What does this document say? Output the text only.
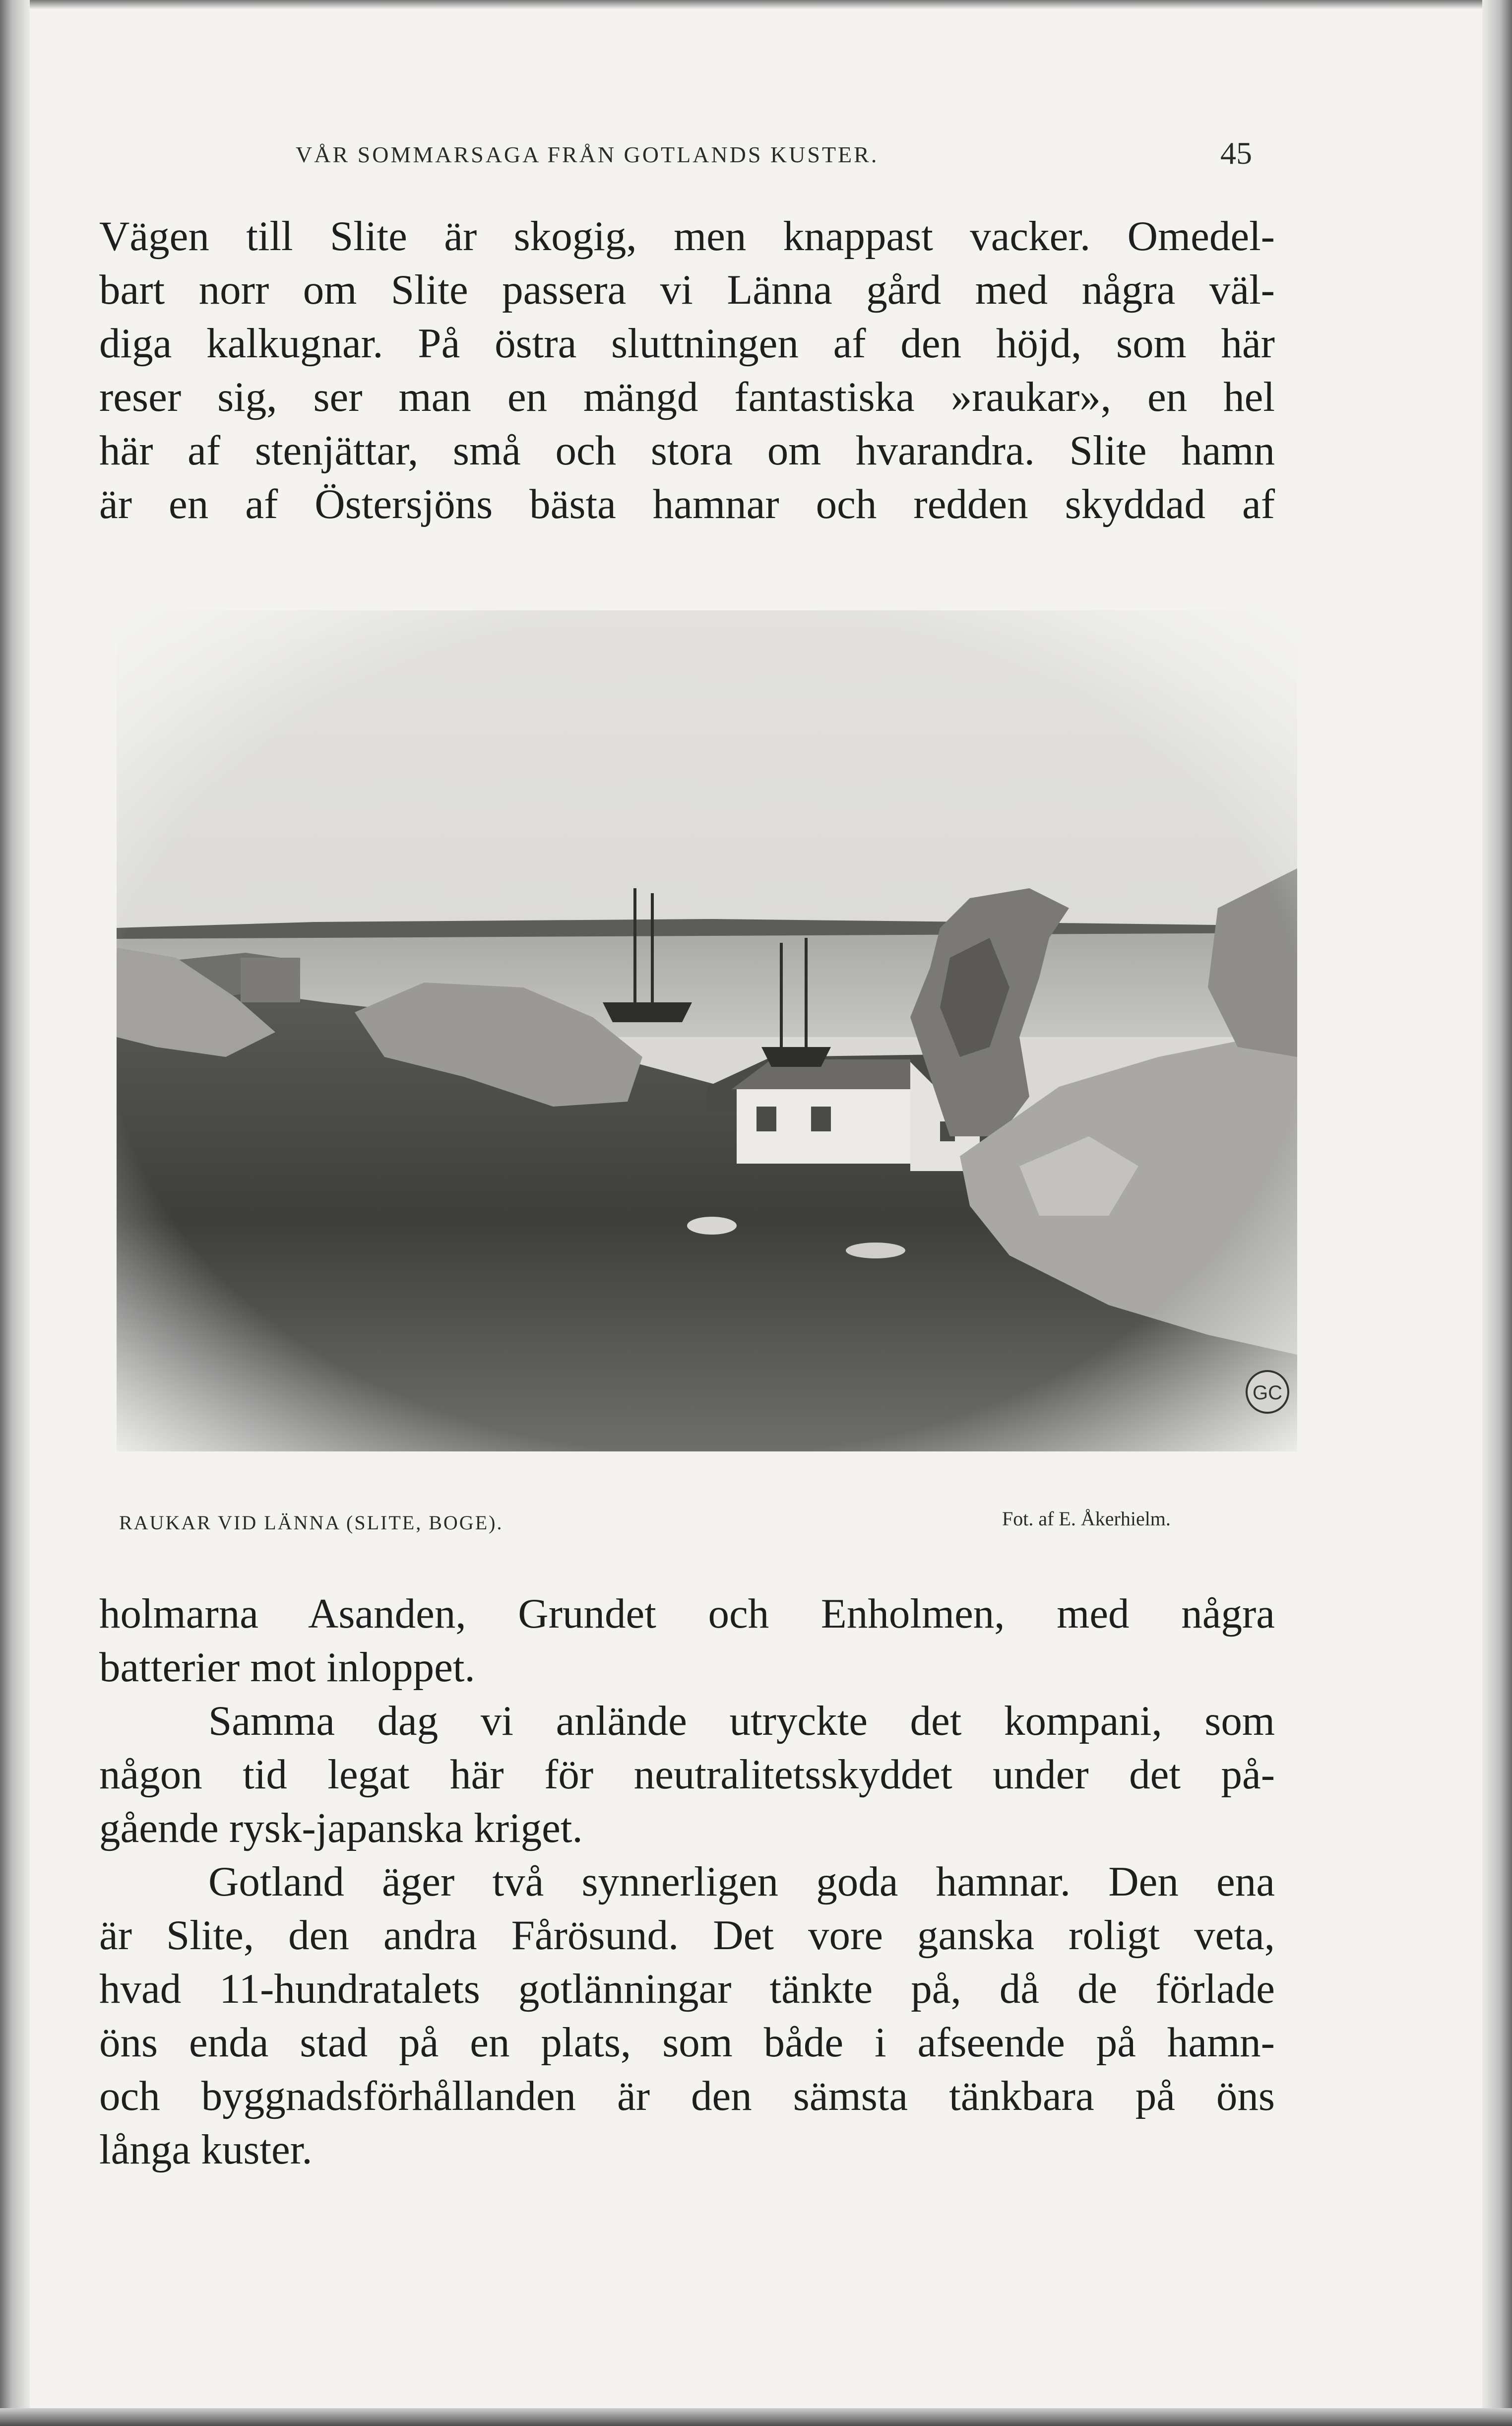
VÅR SOMMARSAGA FRÅN GOTLANDS KUSTER.	45
Vägen till Slite är skogig, men knappast vacker. Omedel-
bart norr om Slite passera vi Länna gård med några väl-
diga kalkugnar. På östra sluttningen af den höjd, som här
reser sig, ser man en mängd fantastiska »raukar», en hel
här af stenjättar, små och stora om hvarandra. Slite hamn
är en af Östersjöns bästa hamnar och redden skyddad af
GC
RAUKAR VID LÄNNA (SLITE, BOGE).	Fot. af E. Åkerhielm.
holmarna Asanden, Grundet och Enholmen, med några
batterier mot inloppet.
Samma dag vi anlände utryckte det kompani, som
någon tid legat här för neutralitetsskyddet under det på-
gående rysk-japanska kriget.
Gotland äger två synnerligen goda hamnar. Den ena
är Slite, den andra Fårösund. Det vore ganska roligt veta,
hvad 11-hundratalets gotlänningar tänkte på, då de förlade
öns enda stad på en plats, som både i afseende på hamn-
och byggnadsförhållanden är den sämsta tänkbara på öns
långa kuster.
